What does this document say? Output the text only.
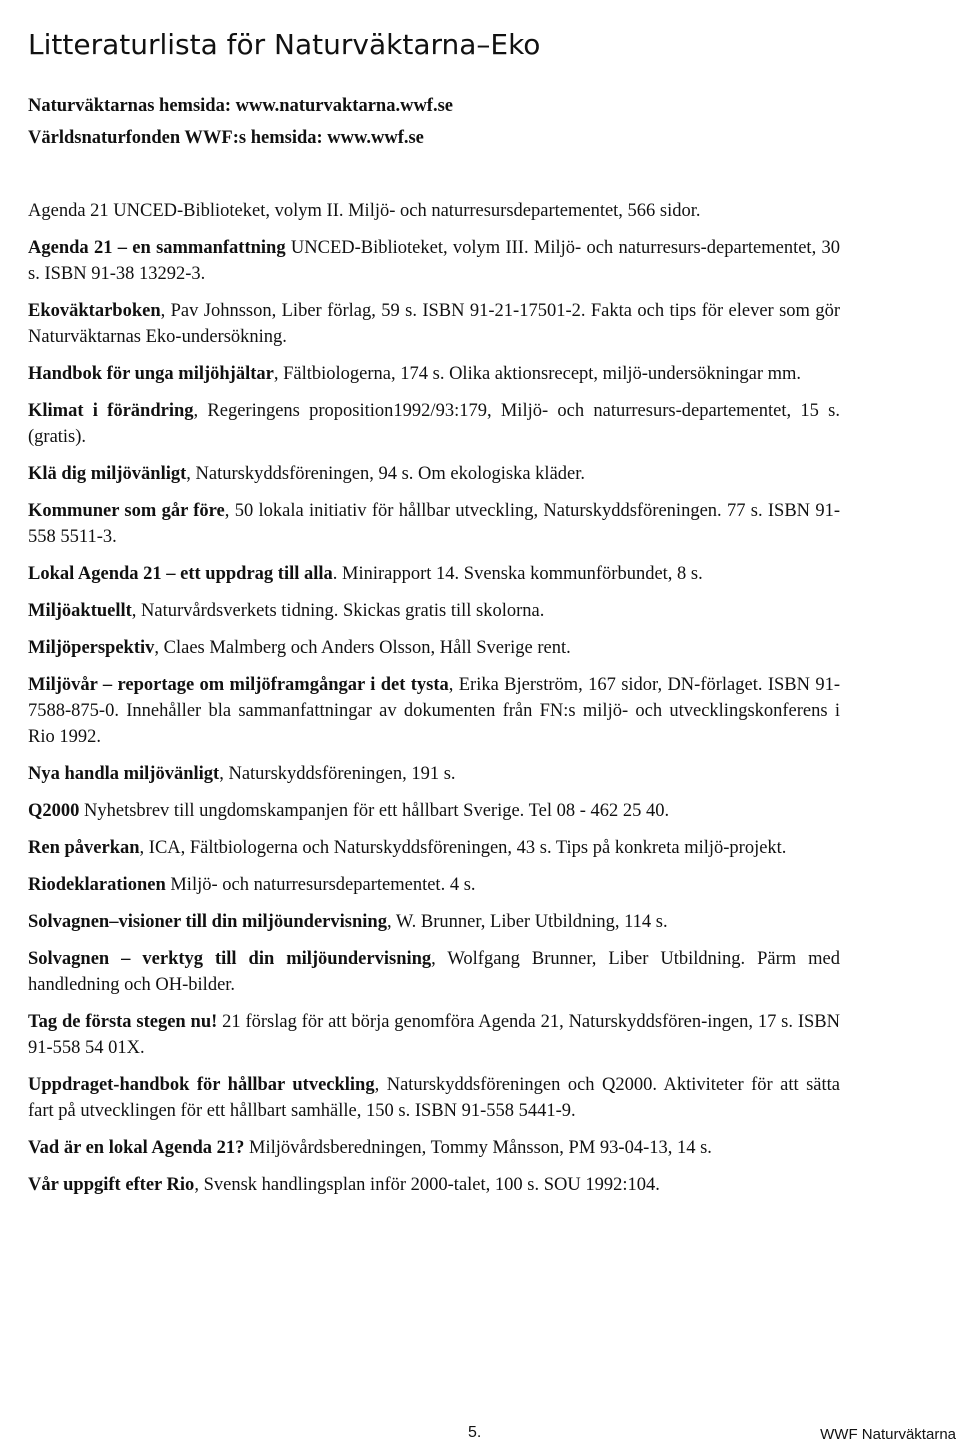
Litteraturlista för Naturväktarna–Eko
Naturväktarnas hemsida: www.naturvaktarna.wwf.se
Världsnaturfonden WWF:s hemsida: www.wwf.se

Agenda 21 UNCED-Biblioteket, volym II. Miljö- och naturresursdepartementet, 566 sidor.

Agenda 21 – en sammanfattning UNCED-Biblioteket, volym III. Miljö- och naturresurs-departementet, 30 s. ISBN 91-38 13292-3.

Ekoväktarboken, Pav Johnsson, Liber förlag, 59 s. ISBN 91-21-17501-2. Fakta och tips för elever som gör Naturväktarnas Eko-undersökning.

Handbok för unga miljöhjältar, Fältbiologerna, 174 s. Olika aktionsrecept, miljö-undersökningar mm.

Klimat i förändring, Regeringens proposition1992/93:179, Miljö- och naturresurs-departementet, 15 s. (gratis).

Klä dig miljövänligt, Naturskyddsföreningen, 94 s. Om ekologiska kläder.

Kommuner som går före, 50 lokala initiativ för hållbar utveckling, Naturskyddsföreningen. 77 s. ISBN 91-558 5511-3.

Lokal Agenda 21 – ett uppdrag till alla. Minirapport 14. Svenska kommunförbundet, 8 s.

Miljöaktuellt, Naturvårdsverkets tidning. Skickas gratis till skolorna.

Miljöperspektiv, Claes Malmberg och Anders Olsson, Håll Sverige rent.

Miljövår – reportage om miljöframgångar i det tysta, Erika Bjerström, 167 sidor, DN-förlaget. ISBN 91-7588-875-0. Innehåller bla sammanfattningar av dokumenten från FN:s miljö- och utvecklingskonferens i Rio 1992.

Nya handla miljövänligt, Naturskyddsföreningen, 191 s.

Q2000 Nyhetsbrev till ungdomskampanjen för ett hållbart Sverige. Tel 08 - 462 25 40.

Ren påverkan, ICA, Fältbiologerna och Naturskyddsföreningen, 43 s. Tips på konkreta miljö-projekt.

Riodeklarationen Miljö- och naturresursdepartementet. 4 s.

Solvagnen–visioner till din miljöundervisning, W. Brunner, Liber Utbildning, 114 s.

Solvagnen – verktyg till din miljöundervisning, Wolfgang Brunner, Liber Utbildning. Pärm med handledning och OH-bilder.

Tag de första stegen nu! 21 förslag för att börja genomföra Agenda 21, Naturskyddsfören-ingen, 17 s. ISBN 91-558 54 01X.

Uppdraget-handbok för hållbar utveckling, Naturskyddsföreningen och Q2000. Aktiviteter för att sätta fart på utvecklingen för ett hållbart samhälle, 150 s. ISBN 91-558 5441-9.

Vad är en lokal Agenda 21? Miljövårdsberedningen, Tommy Månsson, PM 93-04-13, 14 s.

Vår uppgift efter Rio, Svensk handlingsplan inför 2000-talet, 100 s. SOU 1992:104.

5.	WWF Naturväktarna
